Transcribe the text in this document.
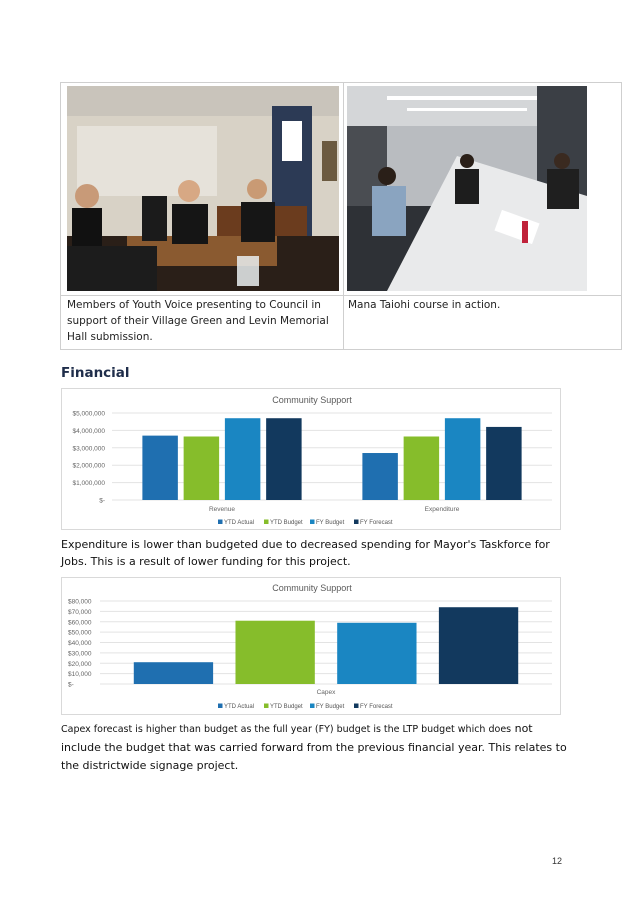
Members of Youth Voice presenting to Council in support of their Village Green and Levin Memorial Hall submission.
Mana Taiohi course in action.
Financial
Community Support
$5,000,000
$4,000,000
$3,000,000
$2,000,000
$1,000,000
$-
Revenue	Expenditure
YTD Actual	YTD Budget FY Budget	FY Forecast
Expenditure is lower than budgeted due to decreased spending for Mayor's Taskforce for Jobs. This is a result of lower funding for this project.
Community Support
$80,000
$70,000
$60,000
$50,000
$40,000
$30,000
$20,000
$10,000
$-
Capex
YTD Actual	YTD Budget FY Budget	FY Forecast
Capex forecast is higher than budget as the full year (FY) budget is the LTP budget which does not include the budget that was carried forward from the previous financial year. This relates to the districtwide signage project.
12
